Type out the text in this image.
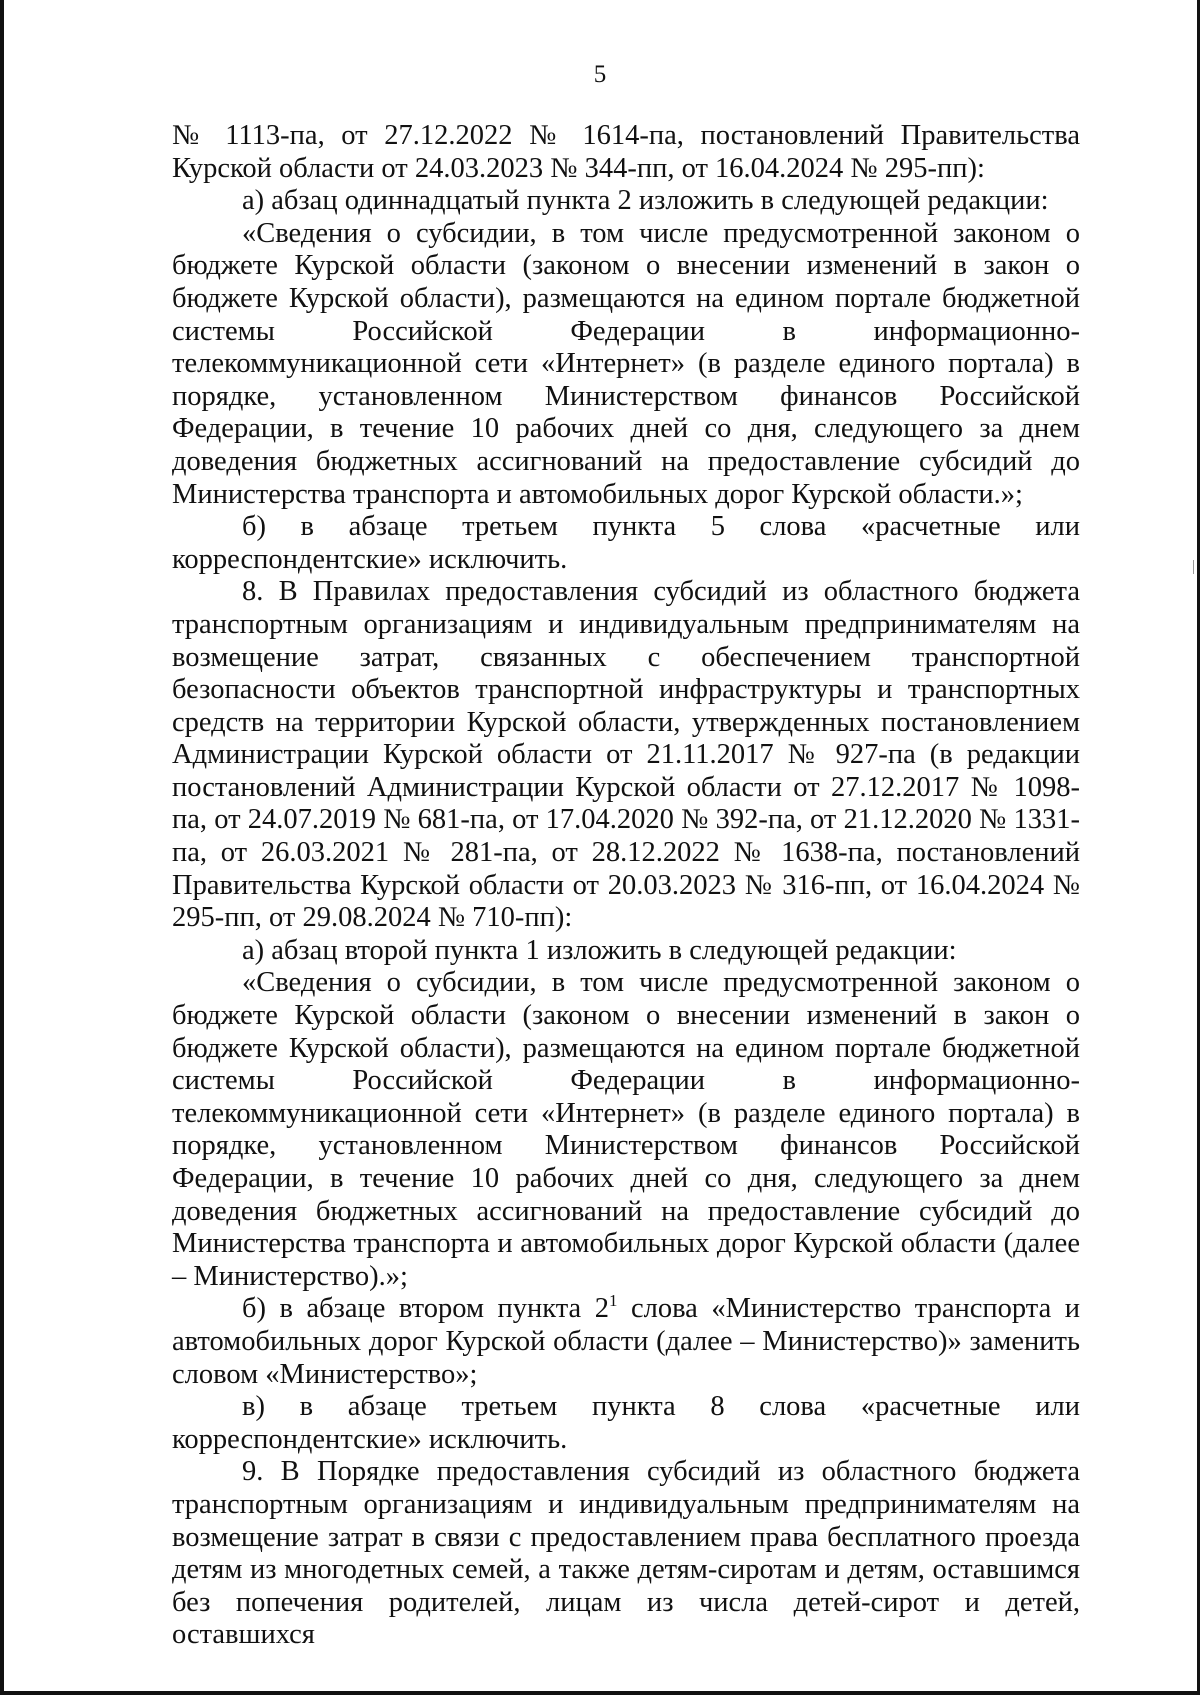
5

№ 1113-па, от 27.12.2022 № 1614-па, постановлений Правительства Курской области от 24.03.2023 № 344-пп, от 16.04.2024 № 295-пп):

а) абзац одиннадцатый пункта 2 изложить в следующей редакции:

«Сведения о субсидии, в том числе предусмотренной законом о бюджете Курской области (законом о внесении изменений в закон о бюджете Курской области), размещаются на едином портале бюджетной системы Российской Федерации в информационно-телекоммуникационной сети «Интернет» (в разделе единого портала) в порядке, установленном Министерством финансов Российской Федерации, в течение 10 рабочих дней со дня, следующего за днем доведения бюджетных ассигнований на предоставление субсидий до Министерства транспорта и автомобильных дорог Курской области.»;

б) в абзаце третьем пункта 5 слова «расчетные или корреспондентские» исключить.

8. В Правилах предоставления субсидий из областного бюджета транспортным организациям и индивидуальным предпринимателям на возмещение затрат, связанных с обеспечением транспортной безопасности объектов транспортной инфраструктуры и транспортных средств на территории Курской области, утвержденных постановлением Администрации Курской области от 21.11.2017 № 927-па (в редакции постановлений Администрации Курской области от 27.12.2017 № 1098-па, от 24.07.2019 № 681-па, от 17.04.2020 № 392-па, от 21.12.2020 № 1331-па, от 26.03.2021 № 281-па, от 28.12.2022 № 1638-па, постановлений Правительства Курской области от 20.03.2023 № 316-пп, от 16.04.2024 № 295-пп, от 29.08.2024 № 710-пп):

а) абзац второй пункта 1 изложить в следующей редакции:

«Сведения о субсидии, в том числе предусмотренной законом о бюджете Курской области (законом о внесении изменений в закон о бюджете Курской области), размещаются на едином портале бюджетной системы Российской Федерации в информационно-телекоммуникационной сети «Интернет» (в разделе единого портала) в порядке, установленном Министерством финансов Российской Федерации, в течение 10 рабочих дней со дня, следующего за днем доведения бюджетных ассигнований на предоставление субсидий до Министерства транспорта и автомобильных дорог Курской области (далее – Министерство).»;

б) в абзаце втором пункта $2^1$ слова «Министерство транспорта и автомобильных дорог Курской области (далее – Министерство)» заменить словом «Министерство»;

в) в абзаце третьем пункта 8 слова «расчетные или корреспондентские» исключить.

9. В Порядке предоставления субсидий из областного бюджета транспортным организациям и индивидуальным предпринимателям на возмещение затрат в связи с предоставлением права бесплатного проезда детям из многодетных семей, а также детям-сиротам и детям, оставшимся без попечения родителей, лицам из числа детей-сирот и детей, оставшихся
